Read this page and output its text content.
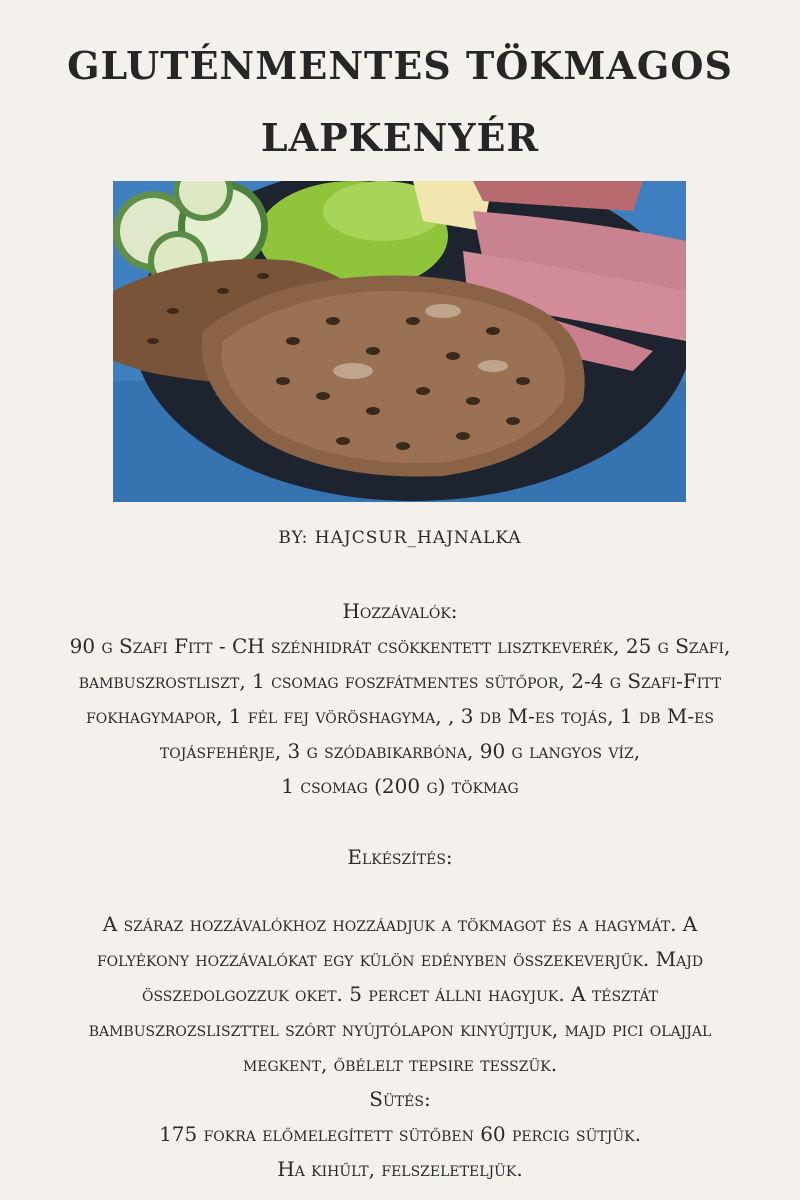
GLUTÉNMENTES TÖKMAGOS
LAPKENYÉR
BY: HAJCSUR_HAJNALKA
Hozzávalók:

90 g Szafi Fitt - CH szénhidrát csökkentett lisztkeverék, 25 g Szafi,

bambuszrostliszt, 1 csomag foszfátmentes sütőpor, 2-4 g Szafi-Fitt

fokhagymapor, 1 fél fej vöröshagyma, , 3 db M-es tojás, 1 db M-es

tojásfehérje, 3 g szódabikarbóna, 90 g langyos víz,

1 csomag (200 g) tökmag

Elkészítés:

A száraz hozzávalókhoz hozzáadjuk a tökmagot és a hagymát. A

folyékony hozzávalókat egy külön edényben összekeverjük. Majd

összedolgozzuk oket. 5 percet állni hagyjuk. A tésztát

bambuszrozsliszttel szórt nyújtólapon kinyújtjuk, majd pici olajjal

megkent, őbélelt tepsire tesszük.

Sütés:

175 fokra előmelegített sütőben 60 percig sütjük.

Ha kihűlt, felszeleteljük.
